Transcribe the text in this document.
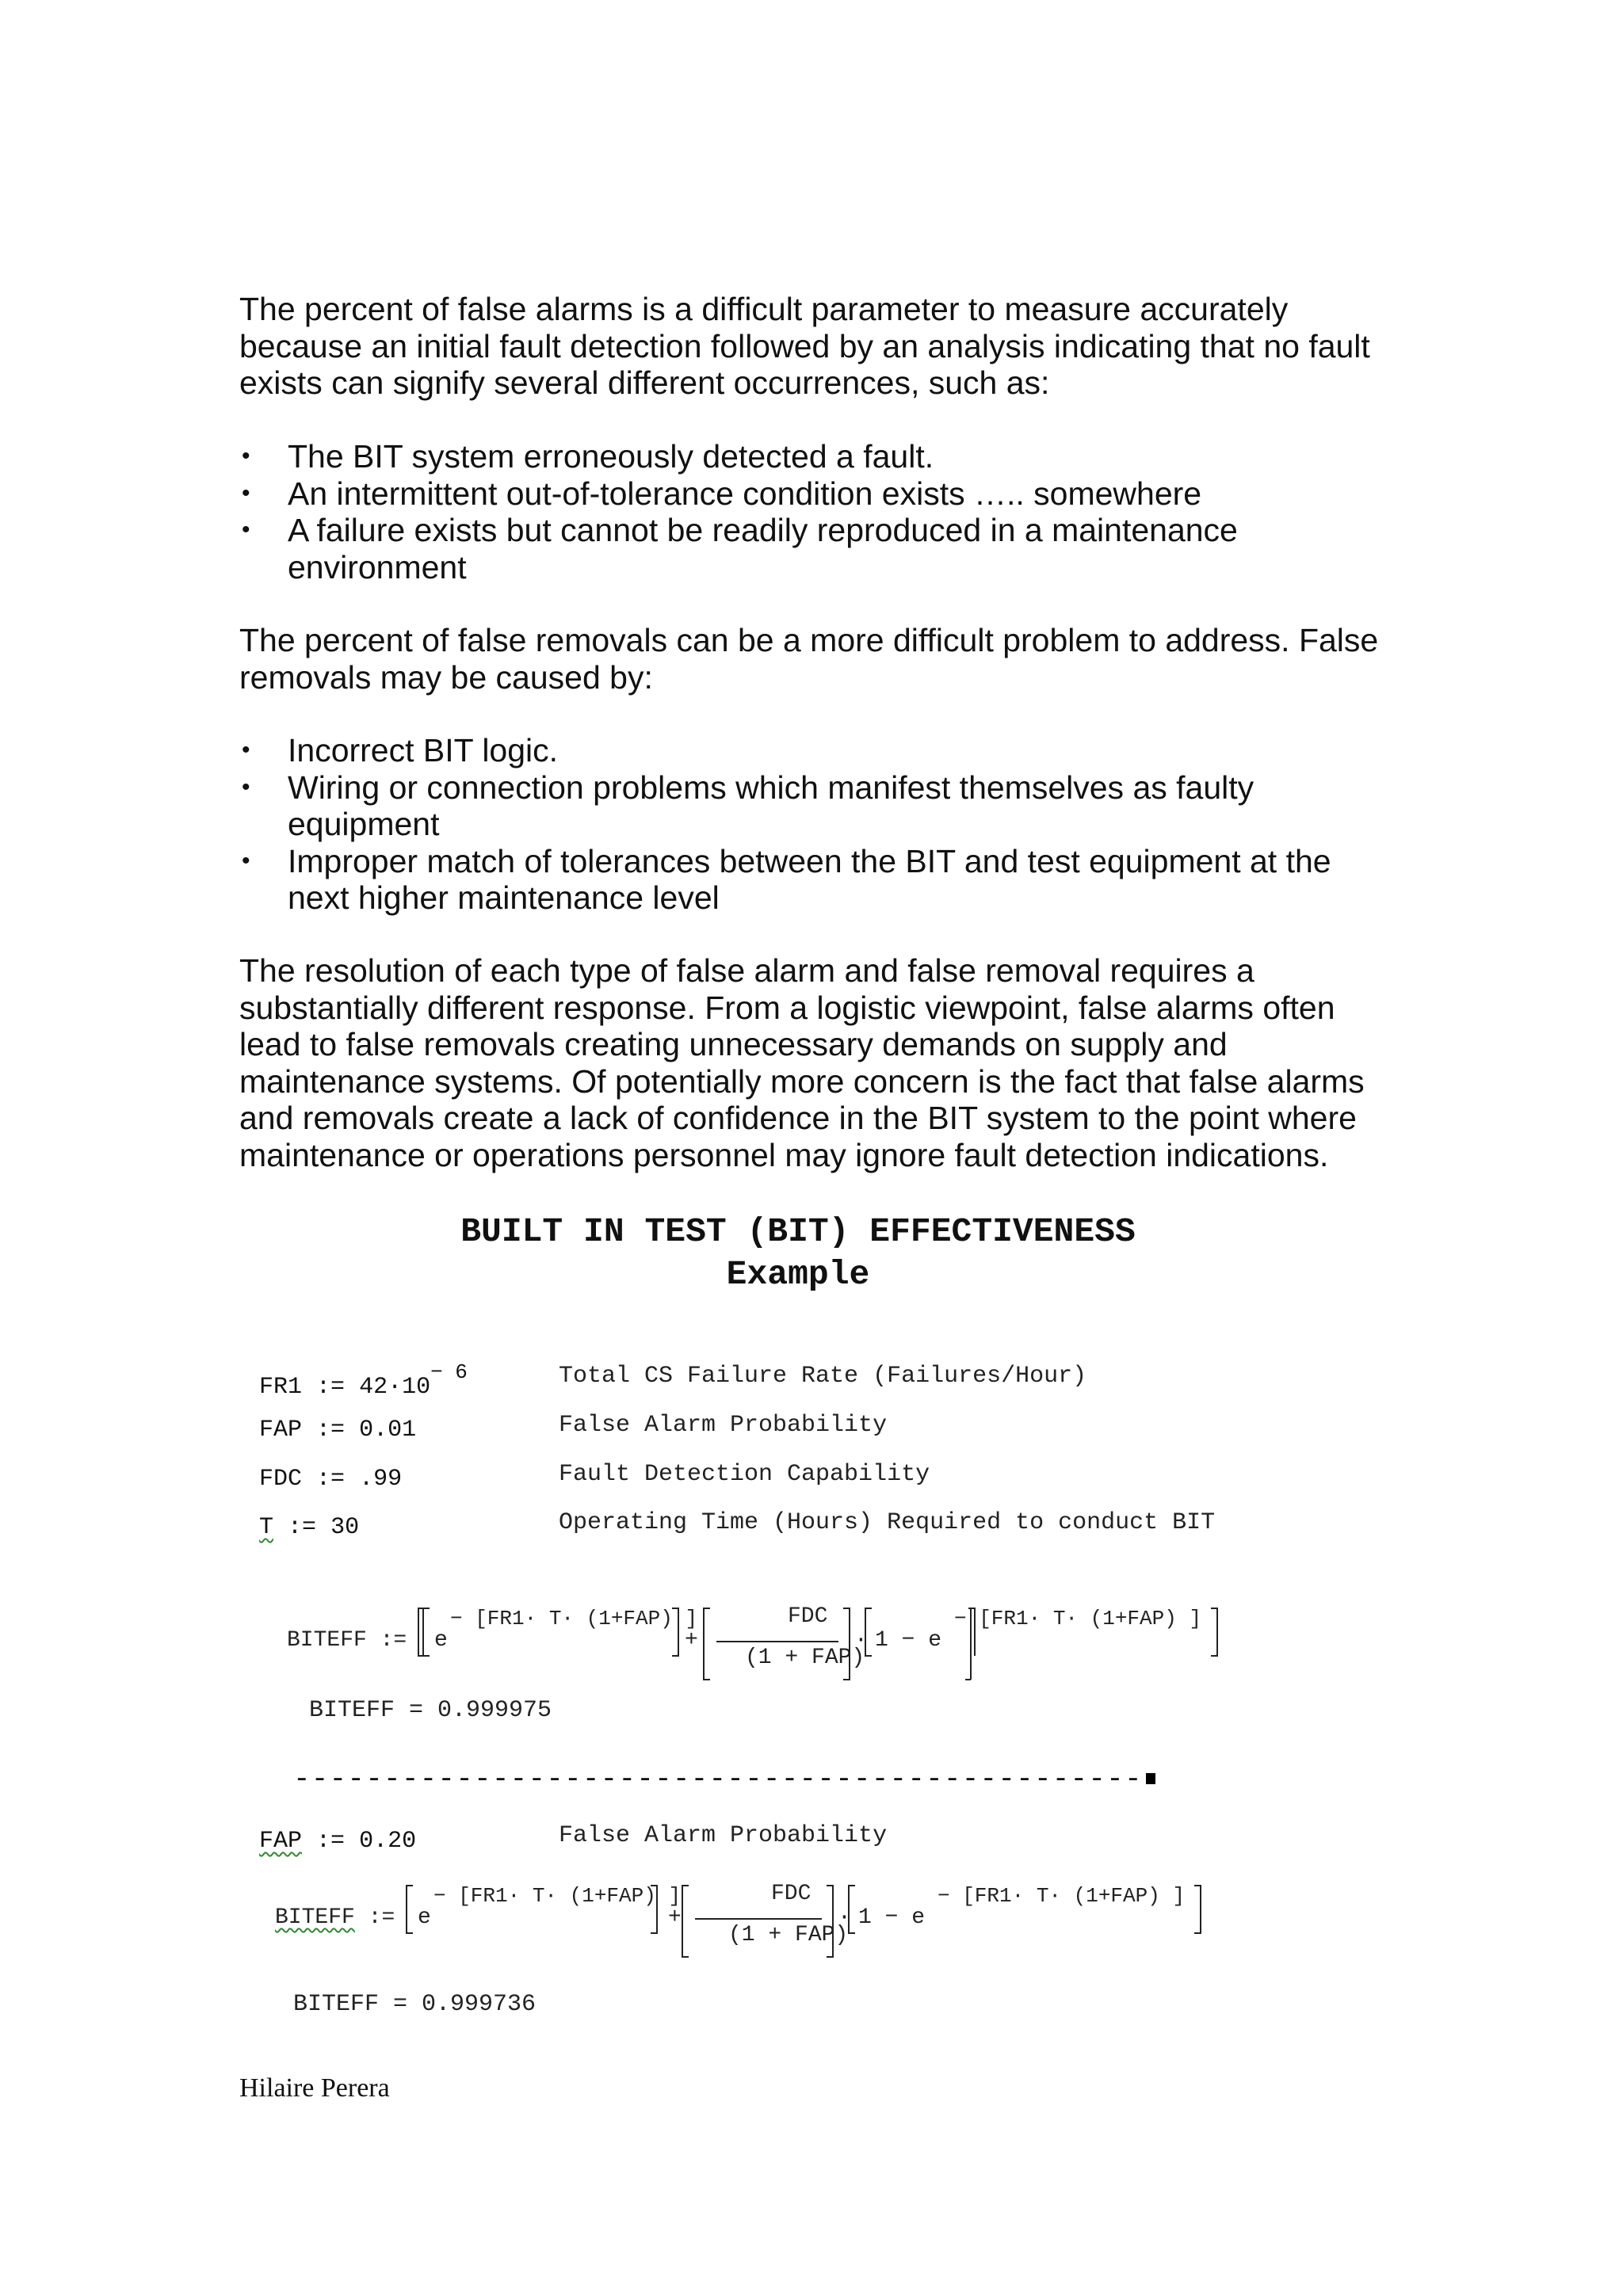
The percent of false alarms is a difficult parameter to measure accurately because an initial fault detection followed by an analysis indicating that no fault exists can signify several different occurrences, such as:

• The BIT system erroneously detected a fault.
• An intermittent out-of-tolerance condition exists ….. somewhere
• A failure exists but cannot be readily reproduced in a maintenance environment

The percent of false removals can be a more difficult problem to address. False removals may be caused by:

• Incorrect BIT logic.
• Wiring or connection problems which manifest themselves as faulty equipment
• Improper match of tolerances between the BIT and test equipment at the next higher maintenance level

The resolution of each type of false alarm and false removal requires a substantially different response. From a logistic viewpoint, false alarms often lead to false removals creating unnecessary demands on supply and maintenance systems. Of potentially more concern is the fact that false alarms and removals create a lack of confidence in the BIT system to the point where maintenance or operations personnel may ignore fault detection indications.

BUILT IN TEST (BIT) EFFECTIVENESS
Example
FR1 := $42\cdot 10^{- 6}$	Total CS Failure Rate (Failures/Hour)
FAP := 0.01	False Alarm Probability
FDC := .99	Fault Detection Capability
T := 30	Operating Time (Hours) Required to conduct BIT
BITEFF := e
− [FR1· T· (1+FAP) ]
+
FDC
(1 + FAP)
· 1 − e
− [FR1· T· (1+FAP) ]
BITEFF = 0.999975
-----------------------------------------------
FAP := 0.20	False Alarm Probability
BITEFF := e
− [FR1· T· (1+FAP) ]
+
FDC
(1 + FAP)
· 1 − e
− [FR1· T· (1+FAP) ]
BITEFF = 0.999736
Hilaire Perera
